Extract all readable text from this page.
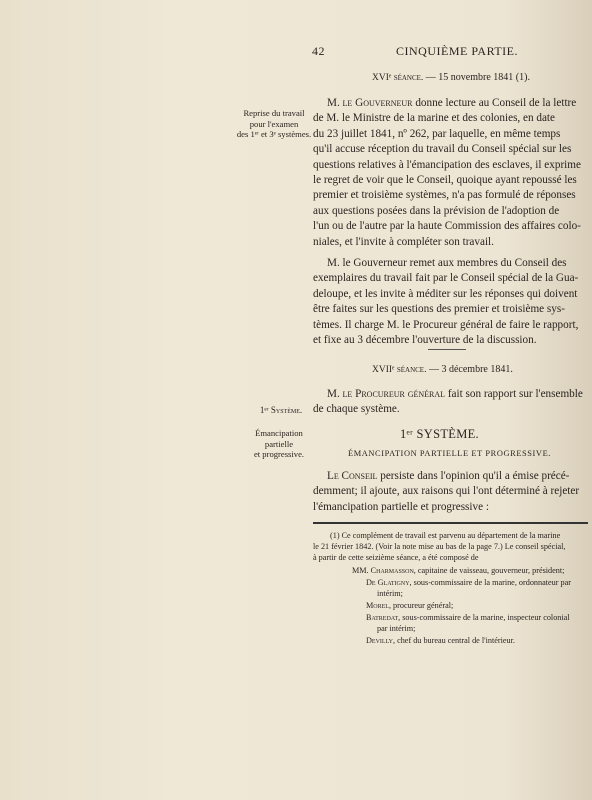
42	CINQUIÈME PARTIE.
XVIᵉ séance. — 15 novembre 1841 (1).
Reprise du travail
pour l'examen
des 1ᵉʳ et 3ᵉ systèmes.
M. le Gouverneur donne lecture au Conseil de la lettre
de M. le Ministre de la marine et des colonies, en date
du 23 juillet 1841, nº 262, par laquelle, en même temps
qu'il accuse réception du travail du Conseil spécial sur les
questions relatives à l'émancipation des esclaves, il exprime
le regret de voir que le Conseil, quoique ayant repoussé les
premier et troisième systèmes, n'a pas formulé de réponses
aux questions posées dans la prévision de l'adoption de
l'un ou de l'autre par la haute Commission des affaires colo-
niales, et l'invite à compléter son travail.
M. le Gouverneur remet aux membres du Conseil des
exemplaires du travail fait par le Conseil spécial de la Gua-
deloupe, et les invite à méditer sur les réponses qui doivent
être faites sur les questions des premier et troisième sys-
tèmes. Il charge M. le Procureur général de faire le rapport,
et fixe au 3 décembre l'ouverture de la discussion.
XVIIᵉ séance. — 3 décembre 1841.
1ᵉʳ Système.
Émancipation
partielle
et progressive.
M. le Procureur général fait son rapport sur l'ensemble
de chaque système.
1ᵉʳ SYSTÈME.
ÉMANCIPATION PARTIELLE ET PROGRESSIVE.
Le Conseil persiste dans l'opinion qu'il a émise précé-
demment; il ajoute, aux raisons qui l'ont déterminé à rejeter
l'émancipation partielle et progressive :
(1) Ce complément de travail est parvenu au département de la marine
le 21 février 1842. (Voir la note mise au bas de la page 7.) Le conseil spécial,
à partir de cette seizième séance, a été composé de
MM. Charmasson, capitaine de vaisseau, gouverneur, président;
De Glatigny, sous-commissaire de la marine, ordonnateur par
intérim;
Morel, procureur général;
Batredat, sous-commissaire de la marine, inspecteur colonial
par intérim;
Devilly, chef du bureau central de l'intérieur.
